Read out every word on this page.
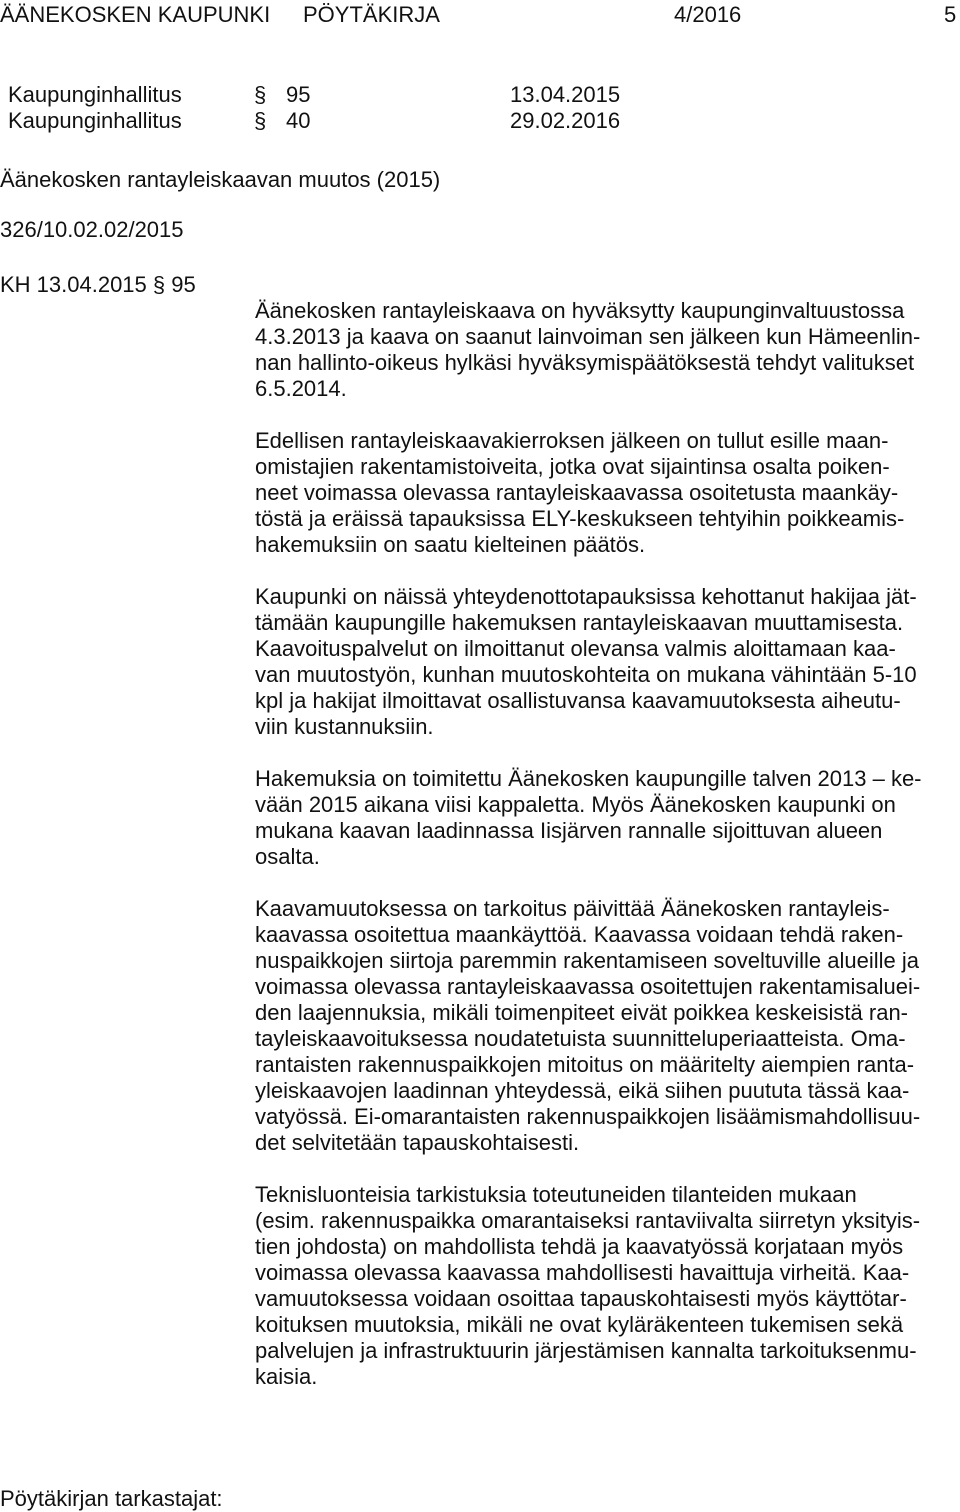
ÄÄNEKOSKEN KAUPUNKI PÖYTÄKIRJA	4/2016	5
Kaupunginhallitus	§ 95	13.04.2015
Kaupunginhallitus	§ 40	29.02.2016
Äänekosken rantayleiskaavan muutos (2015)
326/10.02.02/2015
KH 13.04.2015 § 95

Äänekosken rantayleiskaava on hyväksytty kaupunginvaltuustossa
4.3.2013 ja kaava on saanut lainvoiman sen jälkeen kun Hämeenlin-
nan hallinto-oikeus hylkäsi hyväksymispäätöksestä tehdyt valitukset
6.5.2014.

Edellisen rantayleiskaavakierroksen jälkeen on tullut esille maan-
omistajien rakentamistoiveita, jotka ovat sijaintinsa osalta poiken-
neet voimassa olevassa rantayleiskaavassa osoitetusta maankäy-
töstä ja eräissä tapauksissa ELY-keskukseen tehtyihin poikkeamis-
hakemuksiin on saatu kielteinen päätös.

Kaupunki on näissä yhteydenottotapauksissa kehottanut hakijaa jät-
tämään kaupungille hakemuksen rantayleiskaavan muuttamisesta.
Kaavoituspalvelut on ilmoittanut olevansa valmis aloittamaan kaa-
van muutostyön, kunhan muutoskohteita on mukana vähintään 5-10
kpl ja hakijat ilmoittavat osallistuvansa kaavamuutoksesta aiheutu-
viin kustannuksiin.

Hakemuksia on toimitettu Äänekosken kaupungille talven 2013 – ke-
vään 2015 aikana viisi kappaletta. Myös Äänekosken kaupunki on
mukana kaavan laadinnassa Iisjärven rannalle sijoittuvan alueen
osalta.

Kaavamuutoksessa on tarkoitus päivittää Äänekosken rantayleis-
kaavassa osoitettua maankäyttöä. Kaavassa voidaan tehdä raken-
nuspaikkojen siirtoja paremmin rakentamiseen soveltuville alueille ja
voimassa olevassa rantayleiskaavassa osoitettujen rakentamisaluei-
den laajennuksia, mikäli toimenpiteet eivät poikkea keskeisistä ran-
tayleiskaavoituksessa noudatetuista suunnitteluperiaatteista. Oma-
rantaisten rakennuspaikkojen mitoitus on määritelty aiempien ranta-
yleiskaavojen laadinnan yhteydessä, eikä siihen puututa tässä kaa-
vatyössä. Ei-omarantaisten rakennuspaikkojen lisäämismahdollisuu-
det selvitetään tapauskohtaisesti.

Teknisluonteisia tarkistuksia toteutuneiden tilanteiden mukaan
(esim. rakennuspaikka omarantaiseksi rantaviivalta siirretyn yksityis-
tien johdosta) on mahdollista tehdä ja kaavatyössä korjataan myös
voimassa olevassa kaavassa mahdollisesti havaittuja virheitä. Kaa-
vamuutoksessa voidaan osoittaa tapauskohtaisesti myös käyttötar-
koituksen muutoksia, mikäli ne ovat kyläräkenteen tukemisen sekä
palvelujen ja infrastruktuurin järjestämisen kannalta tarkoituksenmu-
kaisia.

Pöytäkirjan tarkastajat:
